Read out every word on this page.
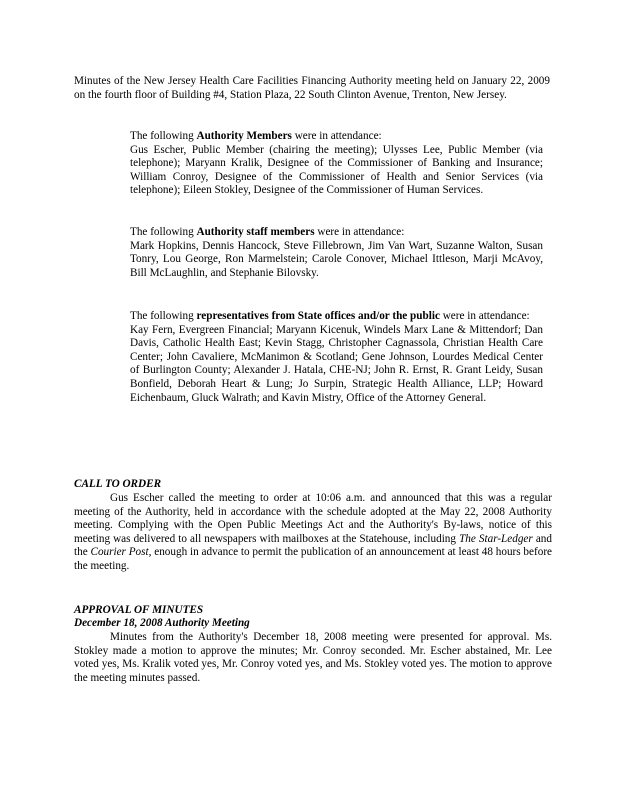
Minutes of the New Jersey Health Care Facilities Financing Authority meeting held on January 22, 2009 on the fourth floor of Building #4, Station Plaza, 22 South Clinton Avenue, Trenton, New Jersey.

The following Authority Members were in attendance:
Gus Escher, Public Member (chairing the meeting); Ulysses Lee, Public Member (via telephone); Maryann Kralik, Designee of the Commissioner of Banking and Insurance; William Conroy, Designee of the Commissioner of Health and Senior Services (via telephone); Eileen Stokley, Designee of the Commissioner of Human Services.
The following Authority staff members were in attendance:
Mark Hopkins, Dennis Hancock, Steve Fillebrown, Jim Van Wart, Suzanne Walton, Susan Tonry, Lou George, Ron Marmelstein; Carole Conover, Michael Ittleson, Marji McAvoy, Bill McLaughlin, and Stephanie Bilovsky.
The following representatives from State offices and/or the public were in attendance:
Kay Fern, Evergreen Financial; Maryann Kicenuk, Windels Marx Lane & Mittendorf; Dan Davis, Catholic Health East; Kevin Stagg, Christopher Cagnassola, Christian Health Care Center; John Cavaliere, McManimon & Scotland; Gene Johnson, Lourdes Medical Center of Burlington County; Alexander J. Hatala, CHE-NJ; John R. Ernst, R. Grant Leidy, Susan Bonfield, Deborah Heart & Lung; Jo Surpin, Strategic Health Alliance, LLP; Howard Eichenbaum, Gluck Walrath; and Kavin Mistry, Office of the Attorney General.
CALL TO ORDER

Gus Escher called the meeting to order at 10:06 a.m. and announced that this was a regular meeting of the Authority, held in accordance with the schedule adopted at the May 22, 2008 Authority meeting. Complying with the Open Public Meetings Act and the Authority's By-laws, notice of this meeting was delivered to all newspapers with mailboxes at the Statehouse, including The Star-Ledger and the Courier Post, enough in advance to permit the publication of an announcement at least 48 hours before the meeting.

APPROVAL OF MINUTES
December 18, 2008 Authority Meeting

Minutes from the Authority's December 18, 2008 meeting were presented for approval. Ms. Stokley made a motion to approve the minutes; Mr. Conroy seconded. Mr. Escher abstained, Mr. Lee voted yes, Ms. Kralik voted yes, Mr. Conroy voted yes, and Ms. Stokley voted yes. The motion to approve the meeting minutes passed.
